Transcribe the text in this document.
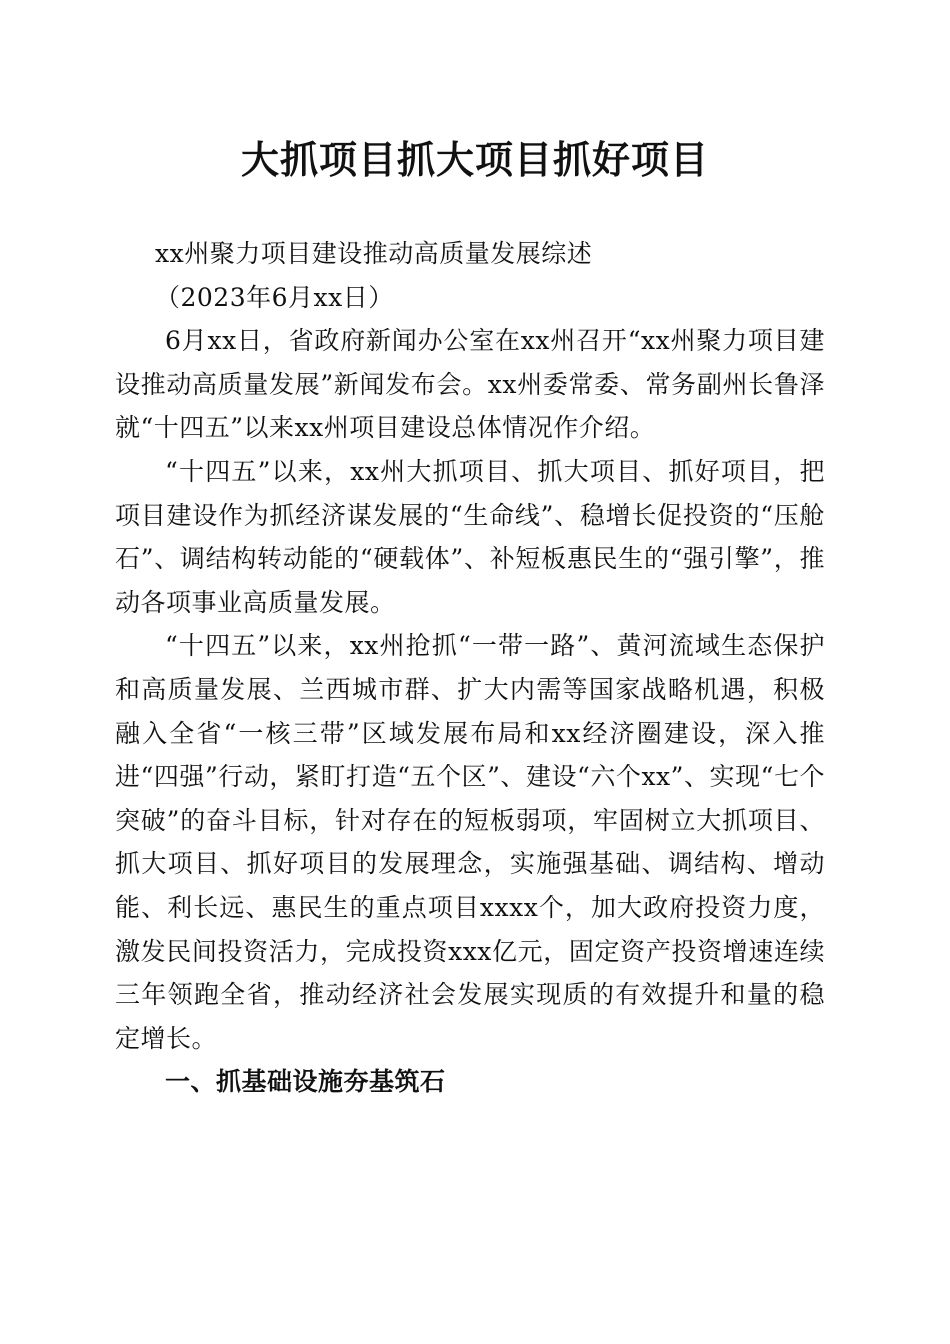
大抓项目抓大项目抓好项目

xx州聚力项目建设推动高质量发展综述

（2023年6月xx日）

6月xx日，省政府新闻办公室在xx州召开“xx州聚力项目建设推动高质量发展”新闻发布会。xx州委常委、常务副州长鲁泽就“十四五”以来xx州项目建设总体情况作介绍。

“十四五”以来，xx州大抓项目、抓大项目、抓好项目，把项目建设作为抓经济谋发展的“生命线”、稳增长促投资的“压舱石”、调结构转动能的“硬载体”、补短板惠民生的“强引擎”，推动各项事业高质量发展。

“十四五”以来，xx州抢抓“一带一路”、黄河流域生态保护和高质量发展、兰西城市群、扩大内需等国家战略机遇，积极融入全省“一核三带”区域发展布局和xx经济圈建设，深入推进“四强”行动，紧盯打造“五个区”、建设“六个xx”、实现“七个突破”的奋斗目标，针对存在的短板弱项，牢固树立大抓项目、抓大项目、抓好项目的发展理念，实施强基础、调结构、增动能、利长远、惠民生的重点项目xxxx个，加大政府投资力度，激发民间投资活力，完成投资xxx亿元，固定资产投资增速连续三年领跑全省，推动经济社会发展实现质的有效提升和量的稳定增长。

一、抓基础设施夯基筑石
